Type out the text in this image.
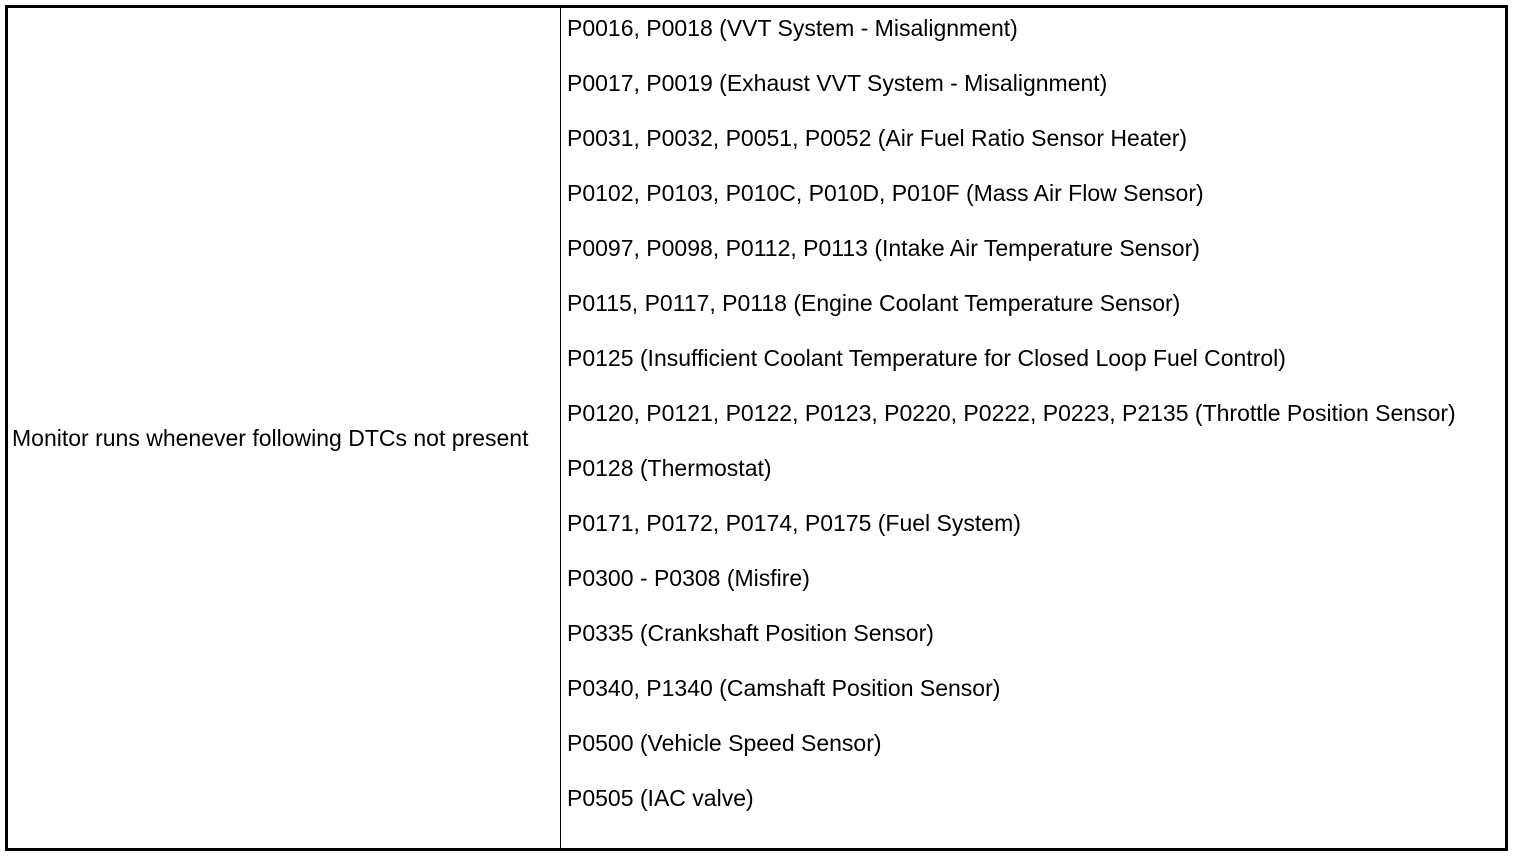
Monitor runs whenever following DTCs not present

P0016, P0018 (VVT System - Misalignment)

P0017, P0019 (Exhaust VVT System - Misalignment)

P0031, P0032, P0051, P0052 (Air Fuel Ratio Sensor Heater)

P0102, P0103, P010C, P010D, P010F (Mass Air Flow Sensor)

P0097, P0098, P0112, P0113 (Intake Air Temperature Sensor)

P0115, P0117, P0118 (Engine Coolant Temperature Sensor)

P0125 (Insufficient Coolant Temperature for Closed Loop Fuel Control)

P0120, P0121, P0122, P0123, P0220, P0222, P0223, P2135 (Throttle Position Sensor)

P0128 (Thermostat)

P0171, P0172, P0174, P0175 (Fuel System)

P0300 - P0308 (Misfire)

P0335 (Crankshaft Position Sensor)

P0340, P1340 (Camshaft Position Sensor)

P0500 (Vehicle Speed Sensor)

P0505 (IAC valve)
